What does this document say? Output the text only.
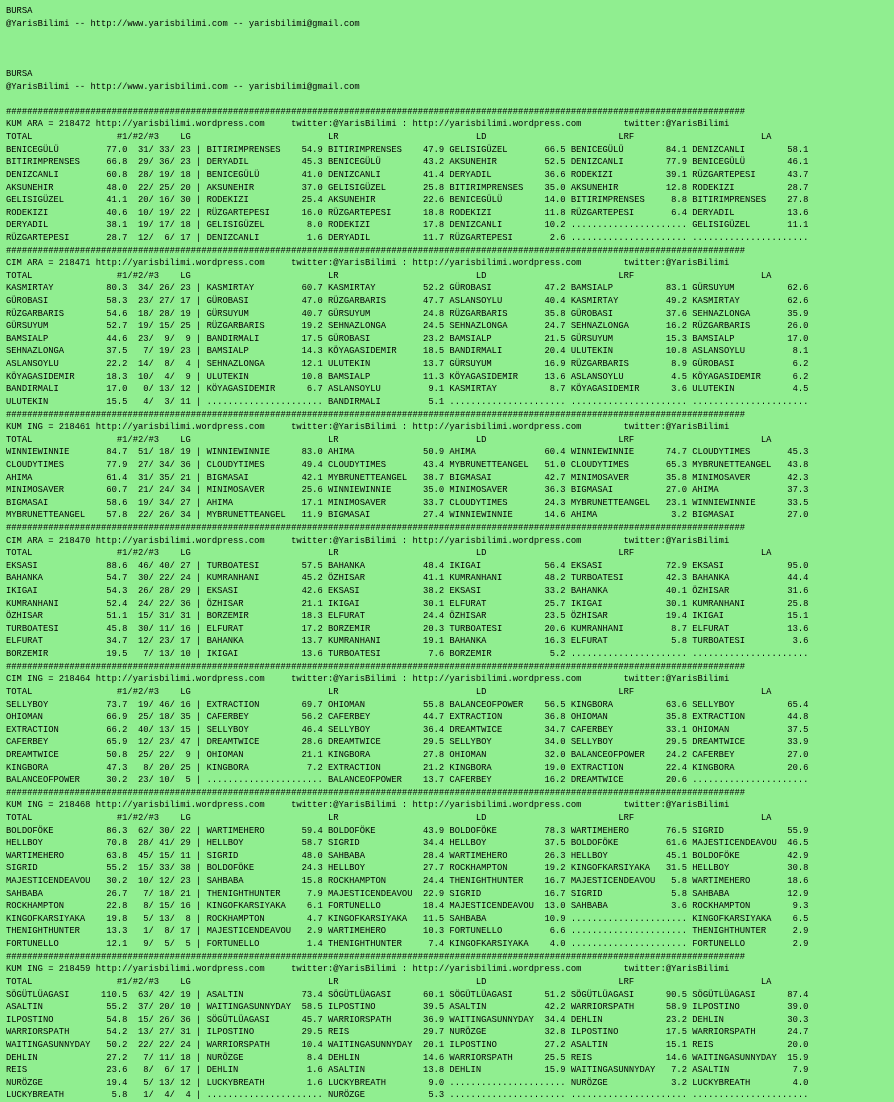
BURSA
@YarisBilimi -- http://www.yarisbilimi.com -- yarisbilimi@gmail.com
BURSA
@YarisBilimi -- http://www.yarisbilimi.com -- yarisbilimi@gmail.com
############################################################################################################################################
KUM ARA = 218472 http://yarisbilimi.wordpress.com     twitter:@YarisBilimi : http://yarisbilimi.wordpress.com        twitter:@YarisBilimi
TOTAL                #1/#2/#3    LG                          LR                          LD                         LRF                        LA
BENICEGÜLÜ         77.0  31/ 33/ 23 | BITIRIMPRENSES    54.9 BITIRIMPRENSES    47.9 GELISIGÜZEL       66.5 BENICEGÜLÜ        84.1 DENIZCANLI        58.1
BITIRIMPRENSES     66.8  29/ 36/ 23 | DERYADIL          45.3 BENICEGÜLÜ        43.2 AKSUNEHIR         52.5 DENIZCANLI        77.9 BENICEGÜLÜ        46.1
DENIZCANLI         60.8  28/ 19/ 18 | BENICEGÜLÜ        41.0 DENIZCANLI        41.4 DERYADIL          36.6 RODEKIZI          39.1 RÜZGARTEPESI      43.7
AKSUNEHIR          48.0  22/ 25/ 20 | AKSUNEHIR         37.0 GELISIGÜZEL       25.8 BITIRIMPRENSES    35.0 AKSUNEHIR         12.8 RODEKIZI          28.7
GELISIGÜZEL        41.1  20/ 16/ 30 | RODEKIZI          25.4 AKSUNEHIR         22.6 BENICEGÜLÜ        14.0 BITIRIMPRENSES     8.8 BITIRIMPRENSES    27.8
RODEKIZI           40.6  10/ 19/ 22 | RÜZGARTEPESI      16.0 RÜZGARTEPESI      18.8 RODEKIZI          11.8 RÜZGARTEPESI       6.4 DERYADIL          13.6
DERYADIL           38.1  19/ 17/ 18 | GELISIGÜZEL        8.0 RODEKIZI          17.8 DENIZCANLI        10.2 ...................... GELISIGÜZEL       11.1
RÜZGARTEPESI       28.7  12/  6/ 17 | DENIZCANLI         1.6 DERYADIL          11.7 RÜZGARTEPESI       2.6 ...................... ......................
############################################################################################################################################
CIM ARA = 218471 http://yarisbilimi.wordpress.com     twitter:@YarisBilimi : http://yarisbilimi.wordpress.com        twitter:@YarisBilimi
TOTAL                #1/#2/#3    LG                          LR                          LD                         LRF                        LA
KASMIRTAY          80.3  34/ 26/ 23 | KASMIRTAY         60.7 KASMIRTAY         52.2 GÜROBASI          47.2 BAMSIALP          83.1 GÜRSUYUM          62.6
GÜROBASI           58.3  23/ 27/ 17 | GÜROBASI          47.0 RÜZGARBARIS       47.7 ASLANSOYLU        40.4 KASMIRTAY         49.2 KASMIRTAY         62.6
RÜZGARBARIS        54.6  18/ 28/ 19 | GÜRSUYUM          40.7 GÜRSUYUM          24.8 RÜZGARBARIS       35.8 GÜROBASI          37.6 SEHNAZLONGA       35.9
GÜRSUYUM           52.7  19/ 15/ 25 | RÜZGARBARIS       19.2 SEHNAZLONGA       24.5 SEHNAZLONGA       24.7 SEHNAZLONGA       16.2 RÜZGARBARIS       26.0
BAMSIALP           44.6  23/  9/  9 | BANDIRMALI        17.5 GÜROBASI          23.2 BAMSIALP          21.5 GÜRSUYUM          15.3 BAMSIALP          17.0
SEHNAZLONGA        37.5   7/ 19/ 23 | BAMSIALP          14.3 KÖYAGASIDEMIR     18.5 BANDIRMALI        20.4 ULUTEKIN          10.8 ASLANSOYLU         8.1
ASLANSOYLU         22.2  14/  8/  4 | SEHNAZLONGA       12.1 ULUTEKIN          13.7 GÜRSUYUM          16.9 RÜZGARBARIS        8.9 GÜROBASI           6.2
KÖYAGASIDEMIR      18.3  10/  4/  9 | ULUTEKIN          10.8 BAMSIALP          11.3 KÖYAGASIDEMIR     13.6 ASLANSOYLU         4.5 KÖYAGASIDEMIR      6.2
BANDIRMALI         17.0   0/ 13/ 12 | KÖYAGASIDEMIR      6.7 ASLANSOYLU         9.1 KASMIRTAY          8.7 KÖYAGASIDEMIR      3.6 ULUTEKIN           4.5
ULUTEKIN           15.5   4/  3/ 11 | ...................... BANDIRMALI         5.1 ...................... ...................... ......................
############################################################################################################################################
KUM ING = 218461 http://yarisbilimi.wordpress.com     twitter:@YarisBilimi : http://yarisbilimi.wordpress.com        twitter:@YarisBilimi
TOTAL                #1/#2/#3    LG                          LR                          LD                         LRF                        LA
WINNIEWINNIE       84.7  51/ 18/ 19 | WINNIEWINNIE      83.0 AHIMA             50.9 AHIMA             60.4 WINNIEWINNIE      74.7 CLOUDYTIMES       45.3
CLOUDYTIMES        77.9  27/ 34/ 36 | CLOUDYTIMES       49.4 CLOUDYTIMES       43.4 MYBRUNETTEANGEL   51.0 CLOUDYTIMES       65.3 MYBRUNETTEANGEL   43.8
AHIMA              61.4  31/ 35/ 21 | BIGMASAI          42.1 MYBRUNETTEANGEL   38.7 BIGMASAI          42.7 MINIMOSAVER       35.8 MINIMOSAVER       42.3
MINIMOSAVER        60.7  21/ 24/ 34 | MINIMOSAVER       25.6 WINNIEWINNIE      35.0 MINIMOSAVER       36.3 BIGMASAI          27.0 AHIMA             37.3
BIGMASAI           58.6  19/ 34/ 27 | AHIMA             17.1 MINIMOSAVER       33.7 CLOUDYTIMES       24.3 MYBRUNETTEANGEL   23.1 WINNIEWINNIE      33.5
MYBRUNETTEANGEL    57.8  22/ 26/ 34 | MYBRUNETTEANGEL   11.9 BIGMASAI          27.4 WINNIEWINNIE      14.6 AHIMA              3.2 BIGMASAI          27.0
############################################################################################################################################
CIM ARA = 218470 http://yarisbilimi.wordpress.com     twitter:@YarisBilimi : http://yarisbilimi.wordpress.com        twitter:@YarisBilimi
TOTAL                #1/#2/#3    LG                          LR                          LD                         LRF                        LA
EKSASI             88.6  46/ 40/ 27 | TURBOATESI        57.5 BAHANKA           48.4 IKIGAI            56.4 EKSASI            72.9 EKSASI            95.0
BAHANKA            54.7  30/ 22/ 24 | KUMRANHANI        45.2 ÖZHISAR           41.1 KUMRANHANI        48.2 TURBOATESI        42.3 BAHANKA           44.4
IKIGAI             54.3  26/ 28/ 29 | EKSASI            42.6 EKSASI            38.2 EKSASI            33.2 BAHANKA           40.1 ÖZHISAR           31.6
KUMRANHANI         52.4  24/ 22/ 36 | ÖZHISAR           21.1 IKIGAI            30.1 ELFURAT           25.7 IKIGAI            30.1 KUMRANHANI        25.8
ÖZHISAR            51.1  15/ 31/ 31 | BORZEMIR          18.3 ELFURAT           24.4 ÖZHISAR           23.5 ÖZHISAR           19.4 IKIGAI            15.1
TURBOATESI         45.8  30/ 11/ 16 | ELFURAT           17.2 BORZEMIR          20.3 TURBOATESI        20.6 KUMRANHANI         8.7 ELFURAT           13.6
ELFURAT            34.7  12/ 23/ 17 | BAHANKA           13.7 KUMRANHANI        19.1 BAHANKA           16.3 ELFURAT            5.8 TURBOATESI         3.6
BORZEMIR           19.5   7/ 13/ 10 | IKIGAI            13.6 TURBOATESI         7.6 BORZEMIR           5.2 ...................... ......................
############################################################################################################################################
CIM ING = 218464 http://yarisbilimi.wordpress.com     twitter:@YarisBilimi : http://yarisbilimi.wordpress.com        twitter:@YarisBilimi
TOTAL                #1/#2/#3    LG                          LR                          LD                         LRF                        LA
SELLYBOY           73.7  19/ 46/ 16 | EXTRACTION        69.7 OHIOMAN           55.8 BALANCEOFPOWER    56.5 KINGBORA          63.6 SELLYBOY          65.4
OHIOMAN            66.9  25/ 18/ 35 | CAFERBEY          56.2 CAFERBEY          44.7 EXTRACTION        36.8 OHIOMAN           35.8 EXTRACTION        44.8
EXTRACTION         66.2  40/ 13/ 15 | SELLYBOY          46.4 SELLYBOY          36.4 DREAMTWICE        34.7 CAFERBEY          33.1 OHIOMAN           37.5
CAFERBEY           65.9  12/ 23/ 47 | DREAMTWICE        28.6 DREAMTWICE        29.5 SELLYBOY          34.0 SELLYBOY          29.5 DREAMTWICE        33.9
DREAMTWICE         50.8  25/ 22/  9 | OHIOMAN           21.1 KINGBORA          27.8 OHIOMAN           32.0 BALANCEOFPOWER    24.2 CAFERBEY          27.0
KINGBORA           47.3   8/ 20/ 25 | KINGBORA           7.2 EXTRACTION        21.2 KINGBORA          19.0 EXTRACTION        22.4 KINGBORA          20.6
BALANCEOFPOWER     30.2  23/ 10/  5 | ...................... BALANCEOFPOWER    13.7 CAFERBEY          16.2 DREAMTWICE        20.6 ......................
############################################################################################################################################
KUM ING = 218468 http://yarisbilimi.wordpress.com     twitter:@YarisBilimi : http://yarisbilimi.wordpress.com        twitter:@YarisBilimi
TOTAL                #1/#2/#3    LG                          LR                          LD                         LRF                        LA
BOLDOFÖKE          86.3  62/ 30/ 22 | WARTIMEHERO       59.4 BOLDOFÖKE         43.9 BOLDOFÖKE         78.3 WARTIMEHERO       76.5 SIGRID            55.9
HELLBOY            70.8  28/ 41/ 29 | HELLBOY           58.7 SIGRID            34.4 HELLBOY           37.5 BOLDOFÖKE         61.6 MAJESTICENDEAVOU  46.5
WARTIMEHERO        63.8  45/ 15/ 11 | SIGRID            48.0 SAHBABA           28.4 WARTIMEHERO       26.3 HELLBOY           45.1 BOLDOFÖKE         42.9
SIGRID             55.2  15/ 33/ 38 | BOLDOFÖKE         24.3 HELLBOY           27.7 ROCKHAMPTON       19.2 KINGOFKARSIYAKA   31.5 HELLBOY           30.8
MAJESTICENDEAVOU   30.2  10/ 12/ 23 | SAHBABA           15.8 ROCKHAMPTON       24.4 THENIGHTHUNTER    16.7 MAJESTICENDEAVOU   5.8 WARTIMEHERO       18.6
SAHBABA            26.7   7/ 18/ 21 | THENIGHTHUNTER     7.9 MAJESTICENDEAVOU  22.9 SIGRID            16.7 SIGRID             5.8 SAHBABA           12.9
ROCKHAMPTON        22.8   8/ 15/ 16 | KINGOFKARSIYAKA    6.1 FORTUNELLO        18.4 MAJESTICENDEAVOU  13.0 SAHBABA            3.6 ROCKHAMPTON        9.3
KINGOFKARSIYAKA    19.8   5/ 13/  8 | ROCKHAMPTON        4.7 KINGOFKARSIYAKA   11.5 SAHBABA           10.9 ...................... KINGOFKARSIYAKA    6.5
THENIGHTHUNTER     13.3   1/  8/ 17 | MAJESTICENDEAVOU   2.9 WARTIMEHERO       10.3 FORTUNELLO         6.6 ...................... THENIGHTHUNTER     2.9
FORTUNELLO         12.1   9/  5/  5 | FORTUNELLO         1.4 THENIGHTHUNTER     7.4 KINGOFKARSIYAKA    4.0 ...................... FORTUNELLO         2.9
############################################################################################################################################
KUM ING = 218459 http://yarisbilimi.wordpress.com     twitter:@YarisBilimi : http://yarisbilimi.wordpress.com        twitter:@YarisBilimi
TOTAL                #1/#2/#3    LG                          LR                          LD                         LRF                        LA
SÖGÜTLÜAGASI      110.5  63/ 42/ 19 | ASALTIN           73.4 SÖGÜTLÜAGASI      60.1 SÖGÜTLÜAGASI      51.2 SÖGÜTLÜAGASI      90.5 SÖGÜTLÜAGASI      87.4
ASALTIN            55.2  37/ 20/ 10 | WAITINGASUNNYDAY  58.5 ILPOSTINO         39.5 ASALTIN           42.2 WARRIORSPATH      58.9 ILPOSTINO         39.0
ILPOSTINO          54.8  15/ 26/ 36 | SÖGÜTLÜAGASI      45.7 WARRIORSPATH      36.9 WAITINGASUNNYDAY  34.4 DEHLIN            23.2 DEHLIN            30.3
WARRIORSPATH       54.2  13/ 27/ 31 | ILPOSTINO         29.5 REIS              29.7 NURÖZGE           32.8 ILPOSTINO         17.5 WARRIORSPATH      24.7
WAITINGASUNNYDAY   50.2  22/ 22/ 24 | WARRIORSPATH      10.4 WAITINGASUNNYDAY  20.1 ILPOSTINO         27.2 ASALTIN           15.1 REIS              20.0
DEHLIN             27.2   7/ 11/ 18 | NURÖZGE            8.4 DEHLIN            14.6 WARRIORSPATH      25.5 REIS              14.6 WAITINGASUNNYDAY  15.9
REIS               23.6   8/  6/ 17 | DEHLIN             1.6 ASALTIN           13.8 DEHLIN            15.9 WAITINGASUNNYDAY   7.2 ASALTIN            7.9
NURÖZGE            19.4   5/ 13/ 12 | LUCKYBREATH        1.6 LUCKYBREATH        9.0 ...................... NURÖZGE            3.2 LUCKYBREATH        4.0
LUCKYBREATH         5.8   1/  4/  4 | ...................... NURÖZGE            5.3 ...................... ...................... ......................
